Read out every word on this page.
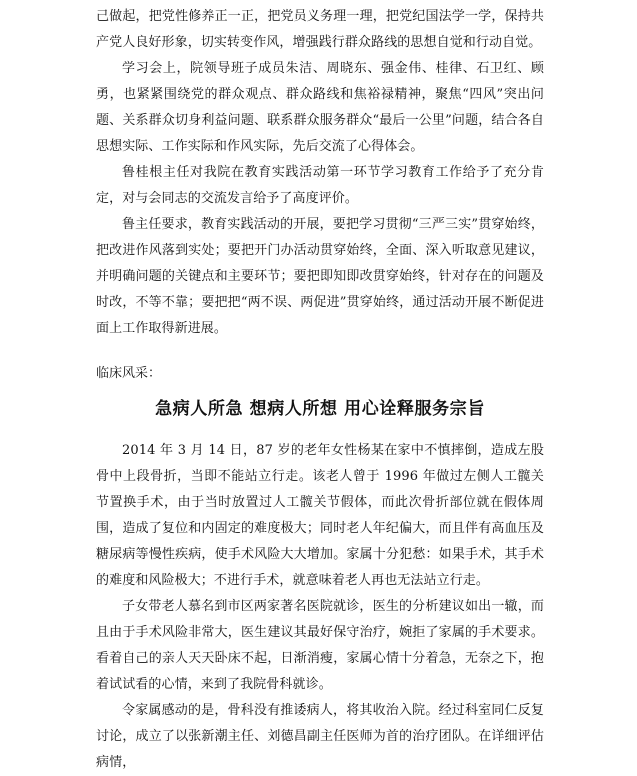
己做起，把党性修养正一正，把党员义务理一理，把党纪国法学一学，保持共产党人良好形象，切实转变作风，增强践行群众路线的思想自觉和行动自觉。

学习会上，院领导班子成员朱洁、周晓东、强金伟、桂律、石卫红、顾勇，也紧紧围绕党的群众观点、群众路线和焦裕禄精神，聚焦“四风”突出问题、关系群众切身利益问题、联系群众服务群众“最后一公里”问题，结合各自思想实际、工作实际和作风实际，先后交流了心得体会。

鲁桂根主任对我院在教育实践活动第一环节学习教育工作给予了充分肯定，对与会同志的交流发言给予了高度评价。

鲁主任要求，教育实践活动的开展，要把学习贯彻“三严三实”贯穿始终，把改进作风落到实处；要把开门办活动贯穿始终，全面、深入听取意见建议，并明确问题的关键点和主要环节；要把即知即改贯穿始终，针对存在的问题及时改，不等不靠；要把把“两不误、两促进”贯穿始终，通过活动开展不断促进面上工作取得新进展。

临床风采：

急病人所急 想病人所想 用心诠释服务宗旨

2014 年 3 月 14 日，87 岁的老年女性杨某在家中不慎摔倒，造成左股骨中上段骨折，当即不能站立行走。该老人曾于 1996 年做过左侧人工髋关节置换手术，由于当时放置过人工髋关节假体，而此次骨折部位就在假体周围，造成了复位和内固定的难度极大；同时老人年纪偏大，而且伴有高血压及糖尿病等慢性疾病，使手术风险大大增加。家属十分犯愁：如果手术，其手术的难度和风险极大；不进行手术，就意味着老人再也无法站立行走。

子女带老人慕名到市区两家著名医院就诊，医生的分析建议如出一辙，而且由于手术风险非常大，医生建议其最好保守治疗，婉拒了家属的手术要求。看着自己的亲人天天卧床不起，日渐消瘦，家属心情十分着急，无奈之下，抱着试试看的心情，来到了我院骨科就诊。

令家属感动的是，骨科没有推诿病人，将其收治入院。经过科室同仁反复讨论，成立了以张新潮主任、刘德昌副主任医师为首的治疗团队。在详细评估病情，
